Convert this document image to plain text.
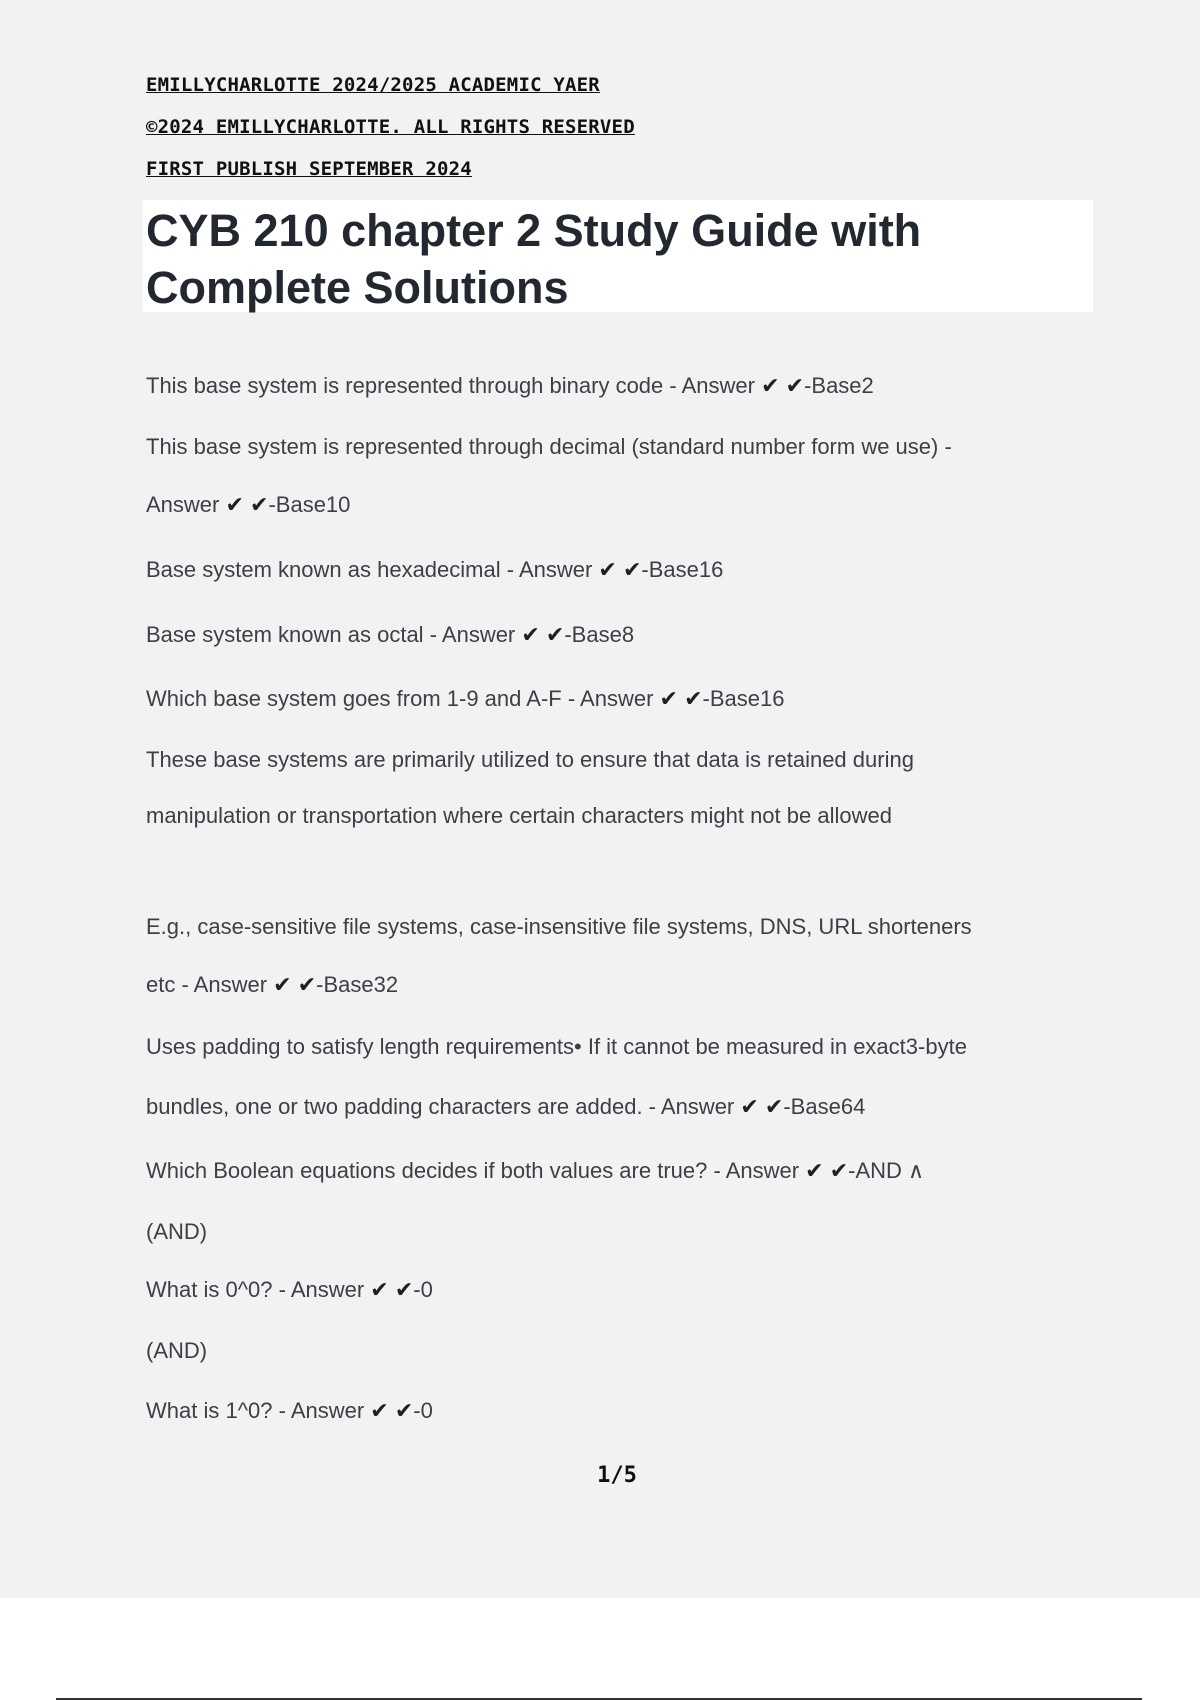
EMILLYCHARLOTTE 2024/2025 ACADEMIC YAER
©2024 EMILLYCHARLOTTE. ALL RIGHTS RESERVED
FIRST PUBLISH SEPTEMBER 2024
CYB 210 chapter 2 Study Guide with
Complete Solutions
This base system is represented through binary code - Answer ✔ ✔-Base2
This base system is represented through decimal (standard number form we use) -
Answer ✔ ✔-Base10
Base system known as hexadecimal - Answer ✔ ✔-Base16
Base system known as octal - Answer ✔ ✔-Base8
Which base system goes from 1-9 and A-F - Answer ✔ ✔-Base16
These base systems are primarily utilized to ensure that data is retained during
manipulation or transportation where certain characters might not be allowed
E.g., case-sensitive file systems, case-insensitive file systems, DNS, URL shorteners
etc - Answer ✔ ✔-Base32
Uses padding to satisfy length requirements• If it cannot be measured in exact3-byte
bundles, one or two padding characters are added. - Answer ✔ ✔-Base64
Which Boolean equations decides if both values are true? - Answer ✔ ✔-AND ∧
(AND)
What is 0^0? - Answer ✔ ✔-0
(AND)
What is 1^0? - Answer ✔ ✔-0
1/5
